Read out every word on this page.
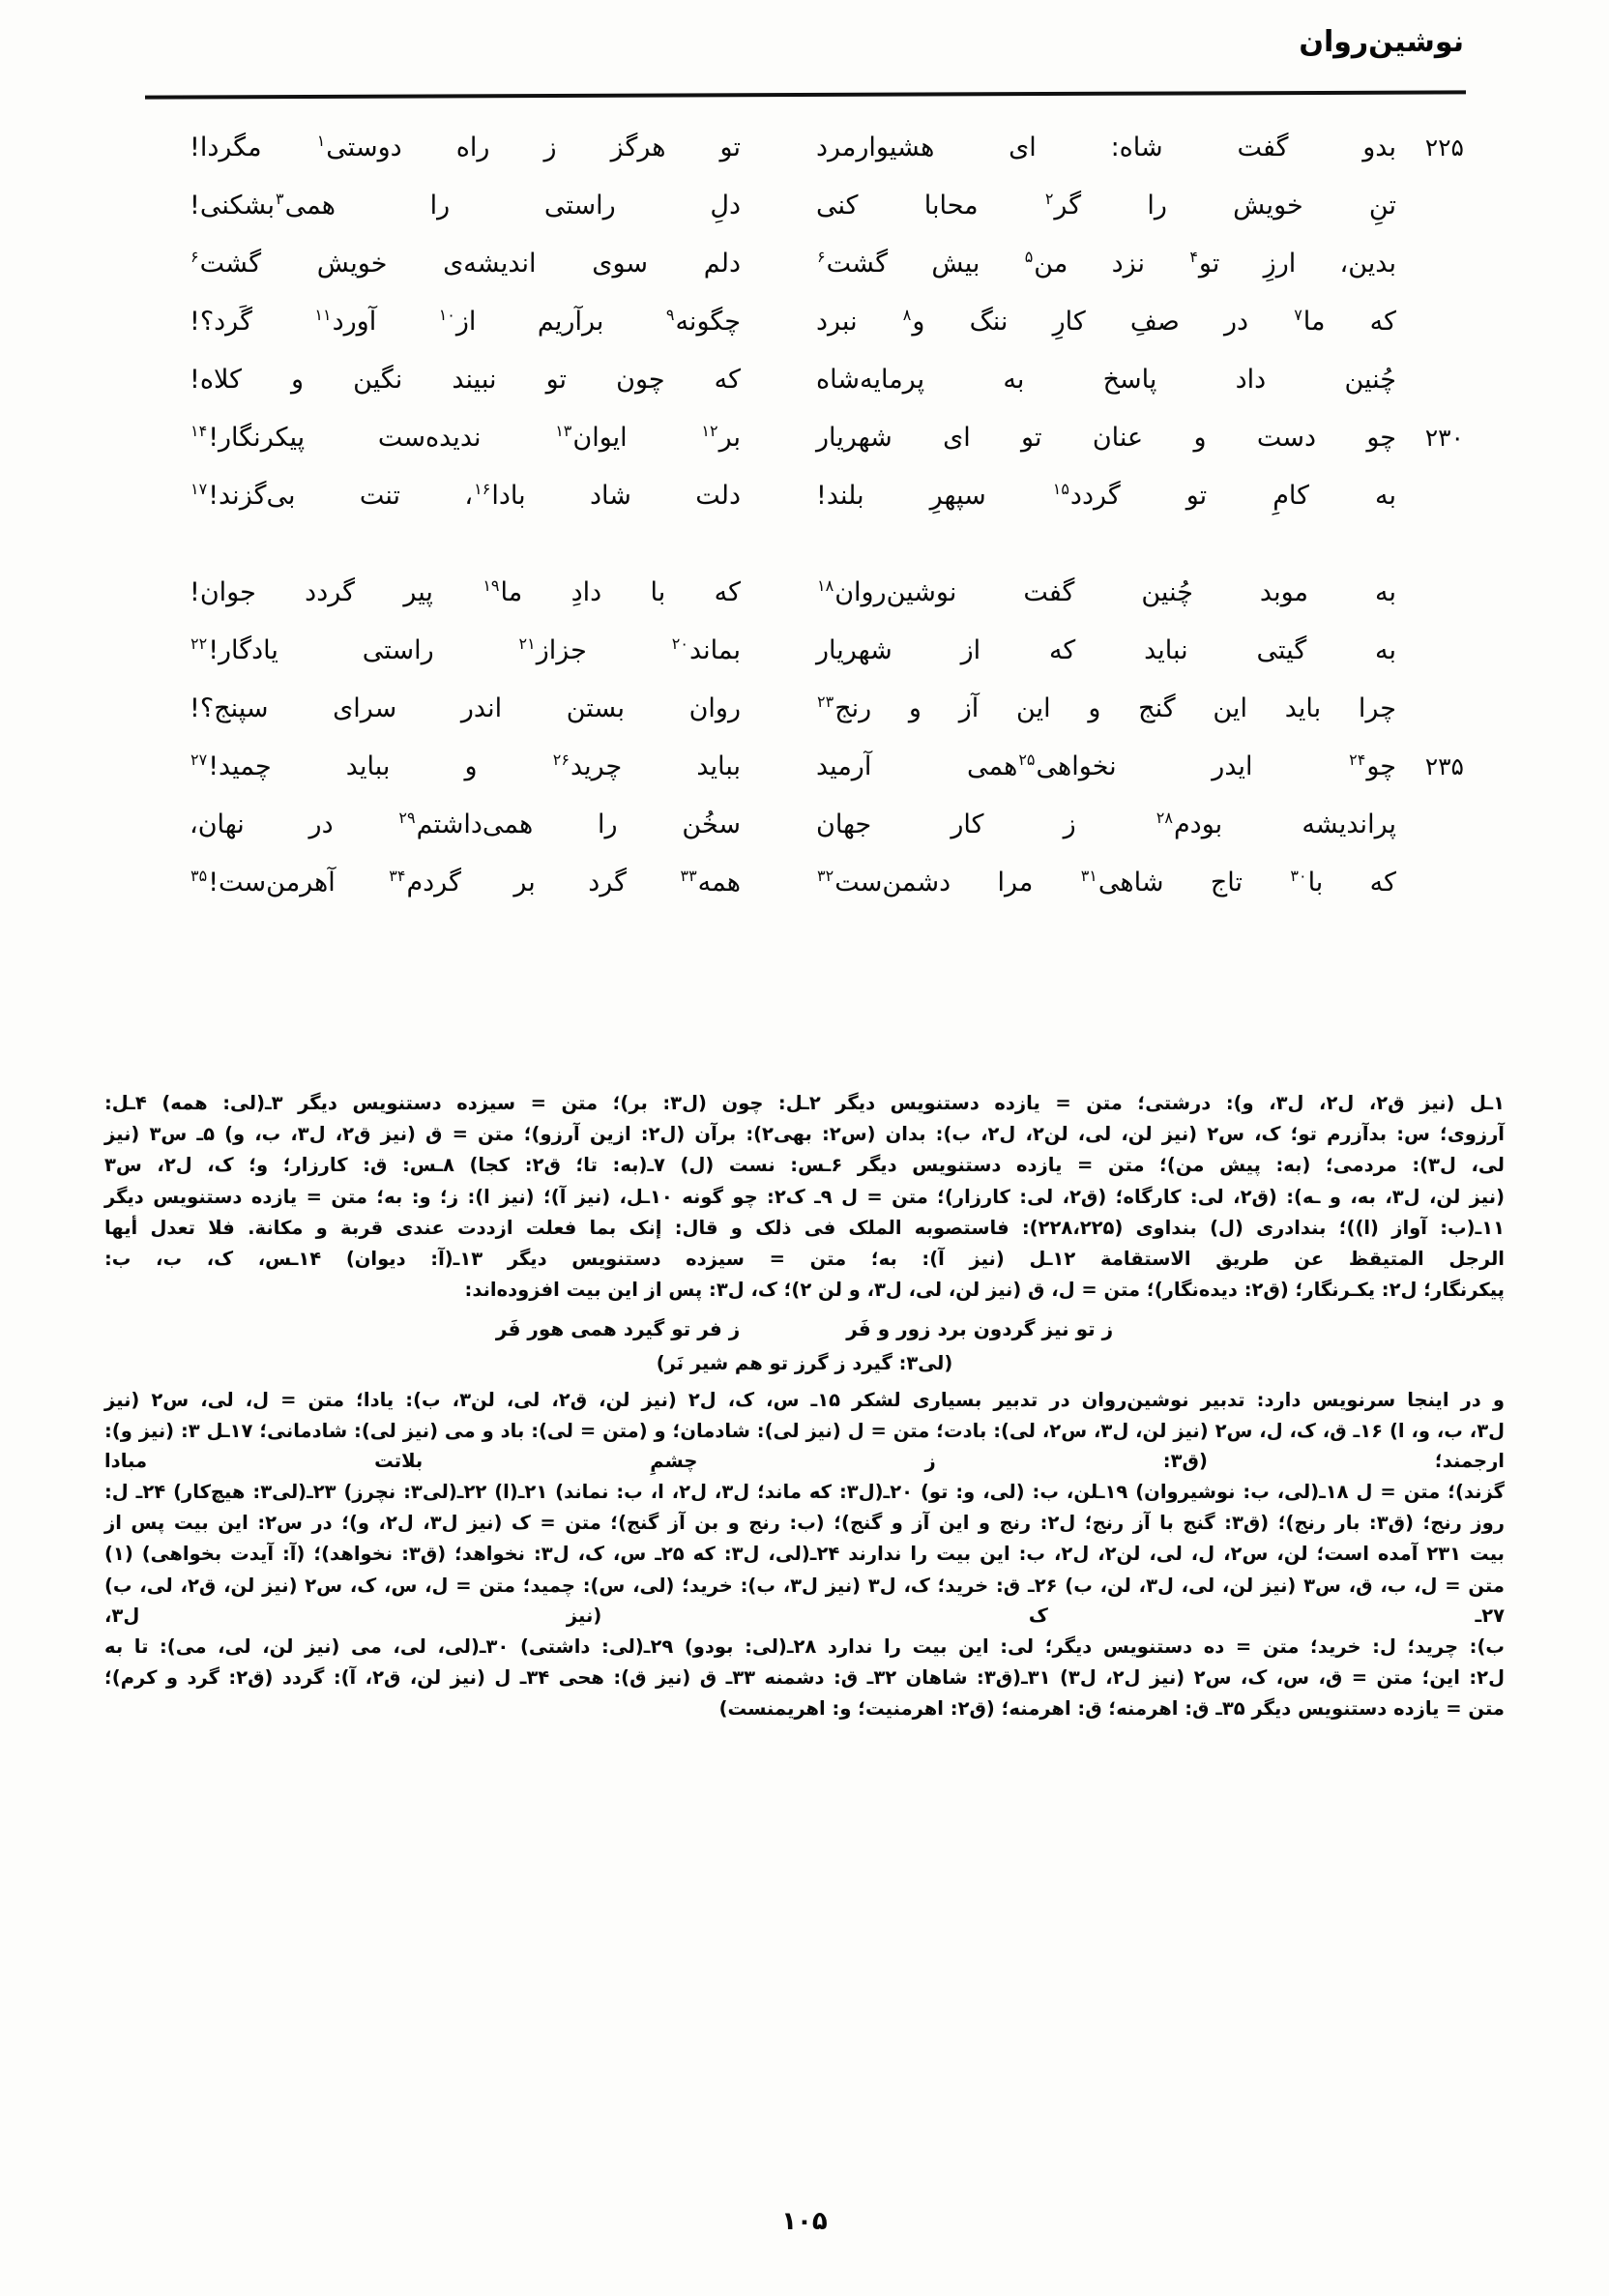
نوشین‌روان
۲۲۵
بدو گفت شاه: ای هشیوارمرد
تو هرگز ز راه دوستی$^۱$ مگردا!
تنِ خویش را گر$^۲$ محابا کنی
دلِ راستی را همی$^۳$بشکنی!
بدین، ارزِ تو$^۴$ نزد من$^۵$ بیش گشت$^۶$
دلم سوی اندیشه‌ی خویش گشت$^۶$
که ما$^۷$ در صفِ کارِ ننگ و$^۸$ نبرد
چگونه$^۹$ برآریم از$^{۱۰}$ آورد$^{۱۱}$ گَرد؟!
چُنین داد پاسخ به پرمایه‌شاه
که چون تو نبیند نگین و کلاه!
۲۳۰
چو دست و عنان تو ای شهریار
بر$^{۱۲}$ ایوان$^{۱۳}$ ندیده‌ست پیکرنگار!$^{۱۴}$
به کامِ تو گردد$^{۱۵}$ سپهرِ بلند!
دلت شاد بادا$^{۱۶}$، تنت بی‌گزند!$^{۱۷}$
به موبد چُنین گفت نوشین‌روان$^{۱۸}$
که با دادِ ما$^{۱۹}$ پیر گردد جوان!
به گیتی نباید که از شهریار
بماند$^{۲۰}$ جزاز$^{۲۱}$ راستی یادگار!$^{۲۲}$
چرا باید این گنج و این آز و رنج$^{۲۳}$
روان بستن اندر سرای سپنج؟!
۲۳۵
چو$^{۲۴}$ ایدر نخواهی$^{۲۵}$همی آرمید
بباید چرید$^{۲۶}$ و بباید چمید!$^{۲۷}$
پراندیشه بودم$^{۲۸}$ ز کار جهان
سخُن را همی‌داشتم$^{۲۹}$ در نهان،
که با$^{۳۰}$ تاج شاهی$^{۳۱}$ مرا دشمن‌ست$^{۳۲}$
همه$^{۳۳}$ گرد بر گردم$^{۳۴}$ آهرمن‌ست!$^{۳۵}$

۱ـل (نیز ق۲، ل۲، ل۳، و): درشتی؛ متن = یازده دستنویس دیگر ۲ـل: چون (ل۳: بر)؛ متن = سیزده دستنویس دیگر ۳ـ(لی: همه) ۴ـل:

آرزوی؛ س: بدآزرم تو؛ ک، س۲ (نیز لن، لی، لن۲، ل۲، ب): بدان (س۲: بهی۲): برآن (ل۲: ازین آرزو)؛ متن = ق (نیز ق۲، ل۳، ب، و) ۵ـ س۳ (نیز

لی، ل۳): مردمی؛ (به: پیش من)؛ متن = یازده دستنویس دیگر ۶ـس: نست (ل) ۷ـ(به: تا؛ ق۲: کجا) ۸ـس: ق: کارزار؛ و؛ ک، ل۲، س۳

(نیز لن، ل۳، به، و ـه): (ق۲، لی: کارگاه؛ (ق۲، لی: کارزار)؛ متن = ل ۹ـ ک۲: چو گونه ۱۰ـل، (نیز آ)؛ (نیز ا): ز؛ و: به؛ متن = یازده دستنویس دیگر

۱۱ـ(ب: آواز (ا))؛ بندادری (ل) بنداوی (۲۲۸،۲۲۵): فاستصوبه الملک فی ذلک و قال: إنک بما فعلت ازددت عندی قربة و مکانة. فلا تعدل أیها

الرجل المتیقظ عن طریق الاستقامة ۱۲ـل (نیز آ): به؛ متن = سیزده دستنویس دیگر ۱۳ـ(آ: دیوان) ۱۴ـس، ک، ب، ب:

پیکرنگار؛ ل۲: یکـرنگار؛ (ق۲: دیده‌نگار)؛ متن = ل، ق (نیز لن، لی، ل۳، و لن ۲)؛ ک، ل۳: پس از این بیت افزوده‌اند:

ز تو نیز گردون برد زور و فَر
ز فر تو گیرد همی هور فَر
(لی۳: گیرد ز گرز تو هم شیر نَر)

و در اینجا سرنویس دارد: تدبیر نوشین‌روان در تدبیر بسیاری لشکر ۱۵ـ س، ک، ل۲ (نیز لن، ق۲، لی، لن۳، ب): یادا؛ متن = ل، لی، س۲ (نیز

ل۳، ب، و، ا) ۱۶ـ ق، ک، ل، س۲ (نیز لن، ل۳، س۲، لی): بادت؛ متن = ل (نیز لی): شادمان؛ و (متن = لی): باد و می (نیز لی): شادمانی؛ ۱۷ـل ۳: (نیز و): ارجمند؛ (ق۳: ز چشمِ بلاتت مبادا

گزند)؛ متن = ل ۱۸ـ(لی، ب: نوشیروان) ۱۹ـلن، ب: (لی، و: تو) ۲۰ـ(ل۳: که ماند؛ ل۳، ل۲، ا، ب: نماند) ۲۱ـ(ا) ۲۲ـ(لی۳: نچرز) ۲۳ـ(لی۳: هیچ‌کار) ۲۴ـ ل:

روز رنج؛ (ق۳: بار رنج)؛ (ق۳: گنج با آز رنج؛ ل۲: رنج و این آز و گنج)؛ (ب: رنج و بن آز گنج)؛ متن = ک (نیز ل۳، ل۲، و)؛ در س۲: این بیت پس از

بیت ۲۳۱ آمده است؛ لن، س۲، ل، لی، لن۲، ل۲، ب: این بیت را ندارند ۲۴ـ(لی، ل۳: که ۲۵ـ س، ک، ل۳: نخواهد؛ (ق۳: نخواهد)؛ (آ: آیدت بخواهی) (۱)

متن = ل، ب، ق، س۳ (نیز لن، لی، ل۳، لن، ب) ۲۶ـ ق: خرید؛ ک، ل۳ (نیز ل۳، ب): خرید؛ (لی، س): چمید؛ متن = ل، س، ک، س۲ (نیز لن، ق۲، لی، ب) ۲۷ـ ک (نیز ل۳،

ب): چرید؛ ل: خرید؛ متن = ده دستنویس دیگر؛ لی: این بیت را ندارد ۲۸ـ(لی: بودو) ۲۹ـ(لی: داشتی) ۳۰ـ(لی، لی، می (نیز لن، لی، می): تا به

ل۲: این؛ متن = ق، س، ک، س۲ (نیز ل۲، ل۳) ۳۱ـ(ق۳: شاهان ۳۲ـ ق: دشمنه ۳۳ـ ق (نیز ق): هحی ۳۴ـ ل (نیز لن، ق۲، آ): گردد (ق۲: گرد و کرم)؛

متن = یازده دستنویس دیگر ۳۵ـ ق: اهرمنه؛ ق: اهرمنه؛ (ق۲: اهرمنیت؛ و: اهریمنست)

۱۰۵
